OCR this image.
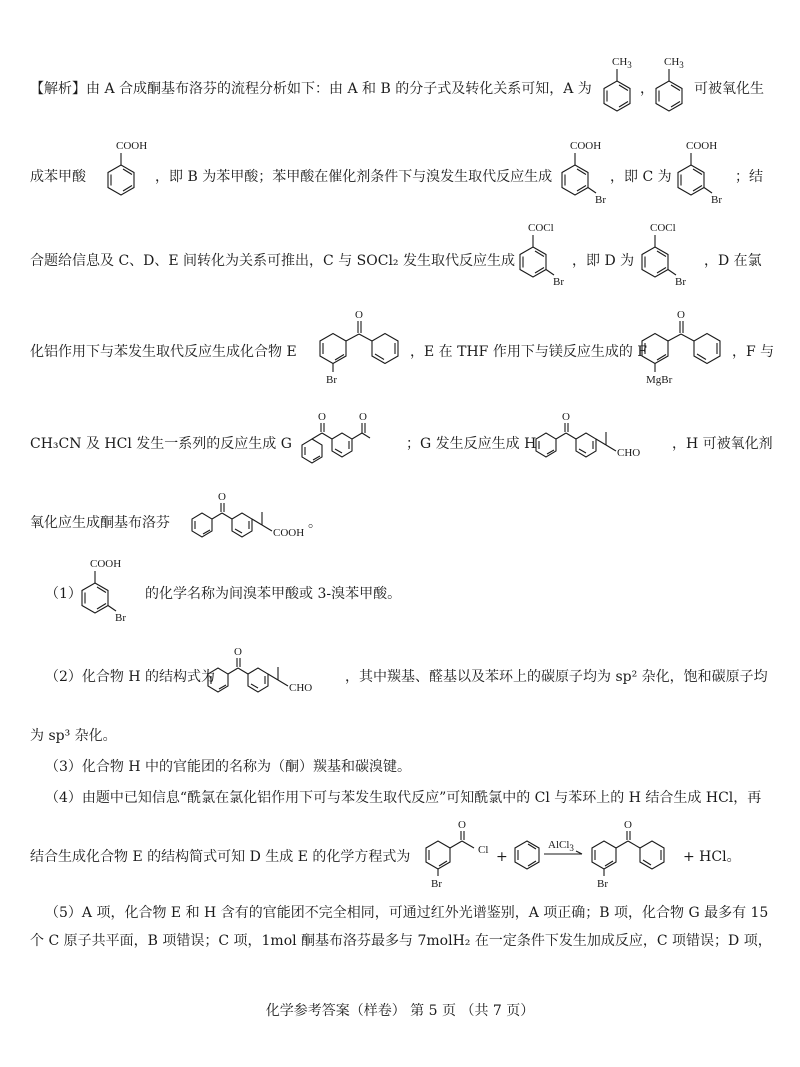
【解析】由 A 合成酮基布洛芬的流程分析如下：由 A 和 B 的分子式及转化关系可知，A 为
$CH_3$
，
$CH_3$
可被氧化生
成苯甲酸
COOH
，即 B 为苯甲酸；苯甲酸在催化剂条件下与溴发生取代反应生成
COOH
Br
，即 C 为
COOH
Br
；结
合题给信息及 C、D、E 间转化为关系可推出，C 与 SOCl₂ 发生取代反应生成
COCl
Br
，即 D 为
COCl
Br
，D 在氯
化铝作用下与苯发生取代反应生成化合物 E
O
Br
，E 在 THF 作用下与镁反应生成的 F
O
MgBr
，F 与
CH₃CN 及 HCl 发生一系列的反应生成 G
O	O
；G 发生反应生成 H
O
CHO
，H 可被氧化剂
氧化应生成酮基布洛芬
O
COOH
。
（1）
COOH
Br
的化学名称为间溴苯甲酸或 3-溴苯甲酸。
（2）化合物 H 的结构式为
O
CHO
，其中羰基、醛基以及苯环上的碳原子均为 sp² 杂化，饱和碳原子均
为 sp³ 杂化。
（3）化合物 H 中的官能团的名称为（酮）羰基和碳溴键。
（4）由题中已知信息“酰氯在氯化铝作用下可与苯发生取代反应”可知酰氯中的 Cl 与苯环上的 H 结合生成 HCl，再
结合生成化合物 E 的结构简式可知 D 生成 E 的化学方程式为
O
Cl
Br
+
AlCl$_3$
O
Br
+ HCl。
（5）A 项，化合物 E 和 H 含有的官能团不完全相同，可通过红外光谱鉴别，A 项正确；B 项，化合物 G 最多有 15
个 C 原子共平面，B 项错误；C 项，1mol 酮基布洛芬最多与 7molH₂ 在一定条件下发生加成反应，C 项错误；D 项，
化学参考答案（样卷） 第 5 页 （共 7 页）
